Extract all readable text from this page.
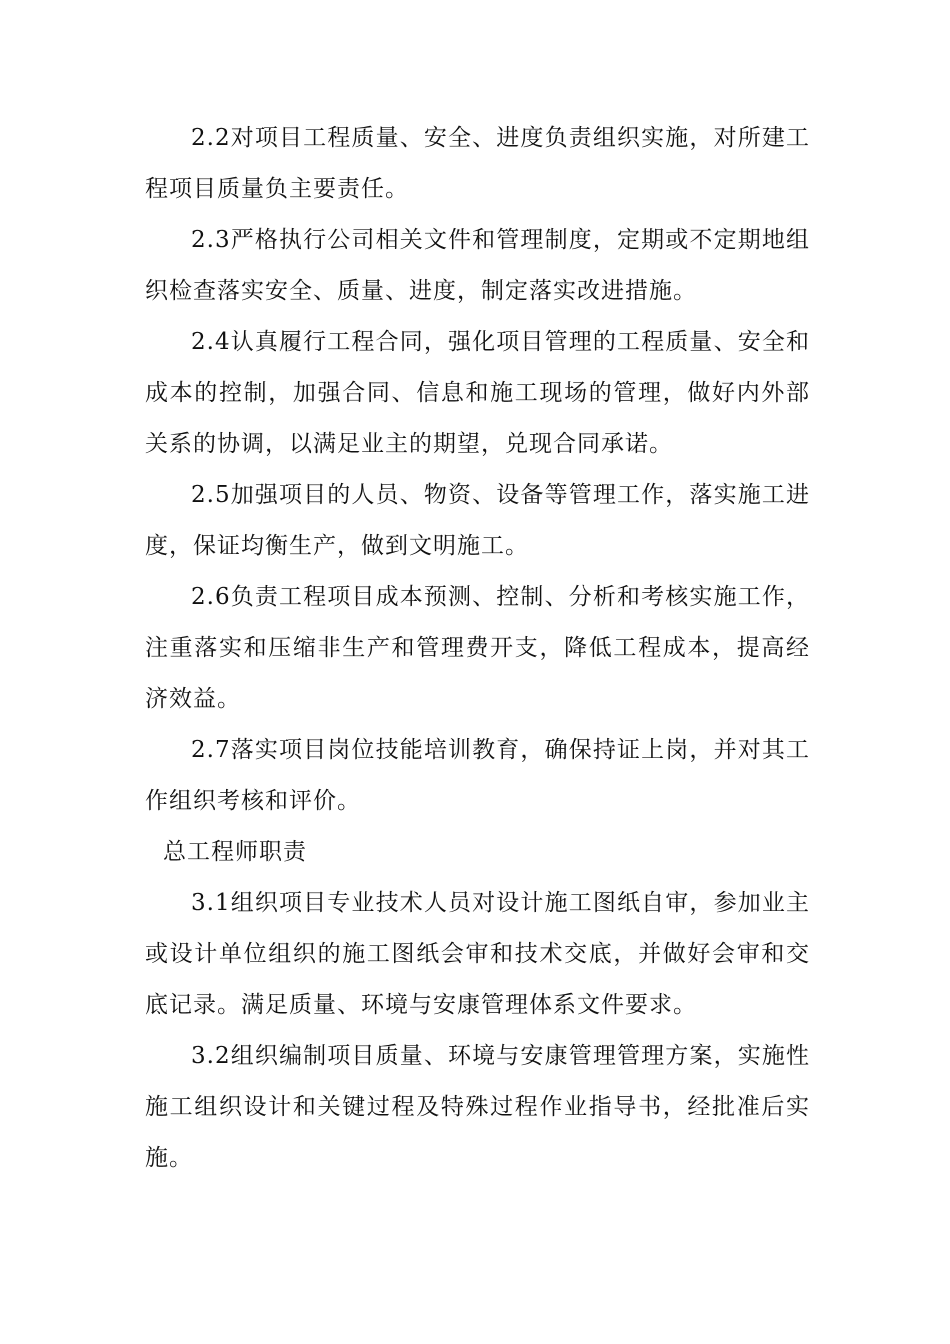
2.2对项目工程质量、安全、进度负责组织实施，对所建工程项目质量负主要责任。

2.3严格执行公司相关文件和管理制度，定期或不定期地组织检查落实安全、质量、进度，制定落实改进措施。

2.4认真履行工程合同，强化项目管理的工程质量、安全和成本的控制，加强合同、信息和施工现场的管理，做好内外部关系的协调，以满足业主的期望，兑现合同承诺。

2.5加强项目的人员、物资、设备等管理工作，落实施工进度，保证均衡生产，做到文明施工。

2.6负责工程项目成本预测、控制、分析和考核实施工作，注重落实和压缩非生产和管理费开支，降低工程成本，提高经济效益。

2.7落实项目岗位技能培训教育，确保持证上岗，并对其工作组织考核和评价。

总工程师职责

3.1组织项目专业技术人员对设计施工图纸自审，参加业主或设计单位组织的施工图纸会审和技术交底，并做好会审和交底记录。满足质量、环境与安康管理体系文件要求。

3.2组织编制项目质量、环境与安康管理管理方案，实施性施工组织设计和关键过程及特殊过程作业指导书，经批准后实施。
